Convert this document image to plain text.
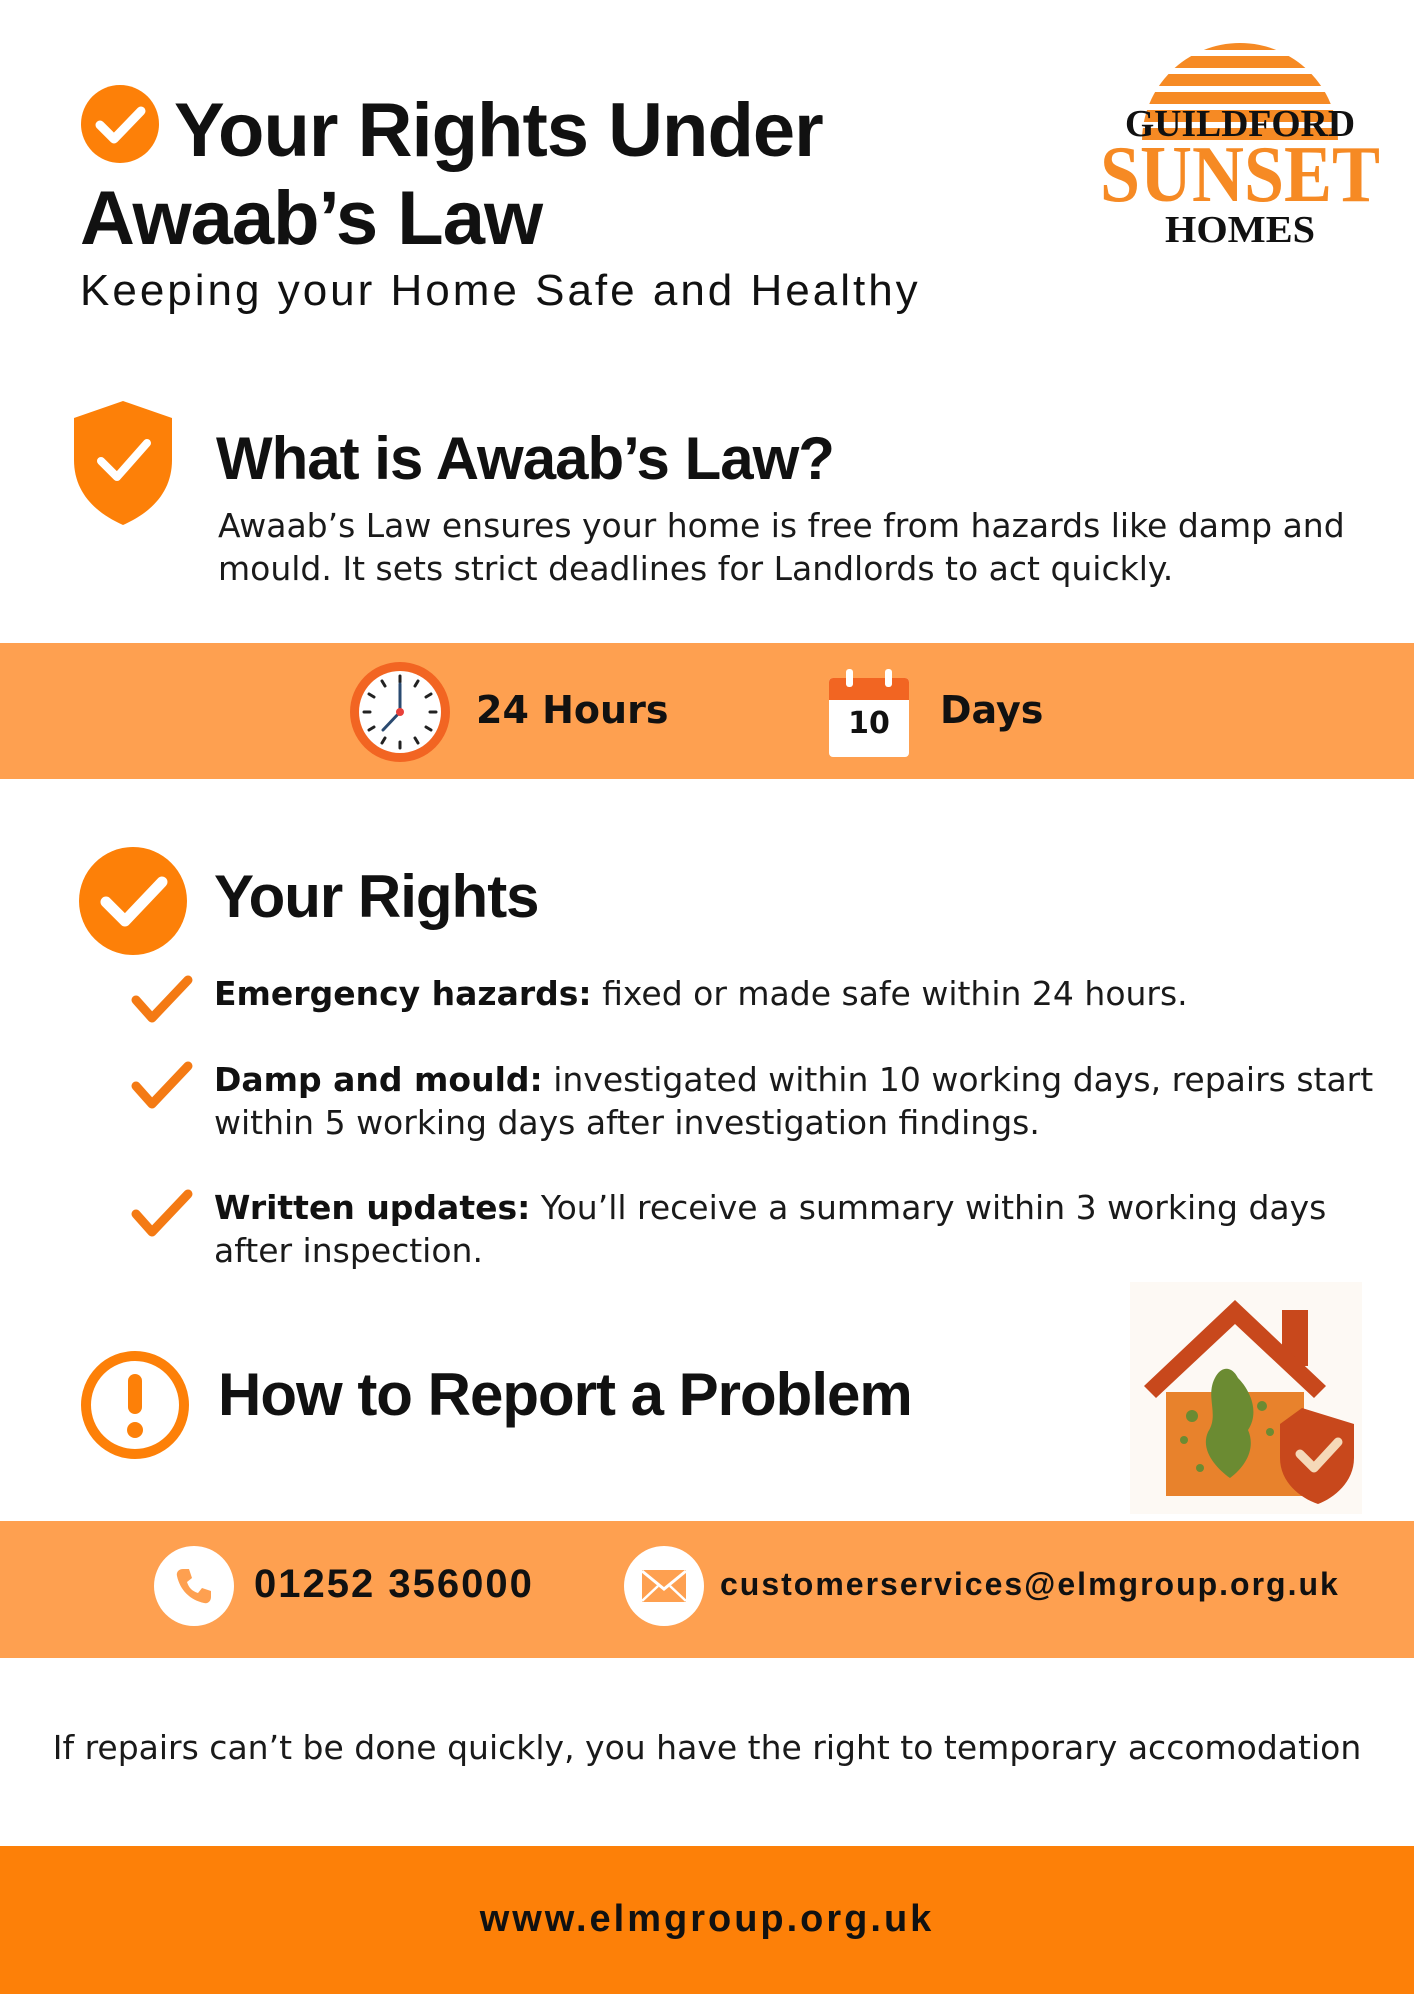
Your Rights Under
Awaab’s Law
Keeping your Home Safe and Healthy
GUILDFORD
SUNSET
HOMES
What is Awaab’s Law?
Awaab’s Law ensures your home is free from hazards like damp and mould. It sets strict deadlines for Landlords to act quickly.
24 Hours	10	Days
Your Rights
Emergency hazards: fixed or made safe within 24 hours.
Damp and mould: investigated within 10 working days, repairs start within 5 working days after investigation findings.
Written updates: You’ll receive a summary within 3 working days after inspection.
How to Report a Problem
01252 356000	customerservices@elmgroup.org.uk
If repairs can’t be done quickly, you have the right to temporary accomodation
www.elmgroup.org.uk
